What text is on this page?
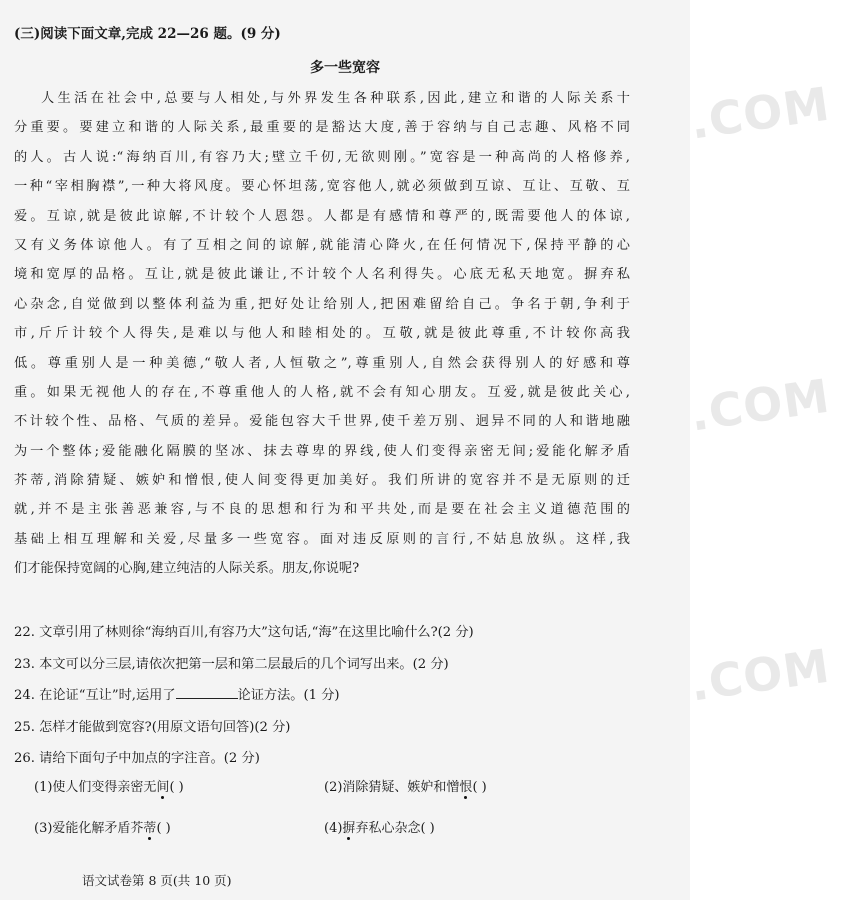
.COM
.COM
.COM
(三)阅读下面文章,完成 22—26 题。(9 分)
多一些宽容
人生活在社会中,总要与人相处,与外界发生各种联系,因此,建立和谐的人际关系十
分重要。要建立和谐的人际关系,最重要的是豁达大度,善于容纳与自己志趣、风格不同
的人。古人说:“海纳百川,有容乃大;壁立千仞,无欲则刚。”宽容是一种高尚的人格修养,
一种“宰相胸襟”,一种大将风度。要心怀坦荡,宽容他人,就必须做到互谅、互让、互敬、互
爱。互谅,就是彼此谅解,不计较个人恩怨。人都是有感情和尊严的,既需要他人的体谅,
又有义务体谅他人。有了互相之间的谅解,就能清心降火,在任何情况下,保持平静的心
境和宽厚的品格。互让,就是彼此谦让,不计较个人名利得失。心底无私天地宽。摒弃私
心杂念,自觉做到以整体利益为重,把好处让给别人,把困难留给自己。争名于朝,争利于
市,斤斤计较个人得失,是难以与他人和睦相处的。互敬,就是彼此尊重,不计较你高我
低。尊重别人是一种美德,“敬人者,人恒敬之”,尊重别人,自然会获得别人的好感和尊
重。如果无视他人的存在,不尊重他人的人格,就不会有知心朋友。互爱,就是彼此关心,
不计较个性、品格、气质的差异。爱能包容大千世界,使千差万别、迥异不同的人和谐地融
为一个整体;爱能融化隔膜的坚冰、抹去尊卑的界线,使人们变得亲密无间;爱能化解矛盾
芥蒂,消除猜疑、嫉妒和憎恨,使人间变得更加美好。我们所讲的宽容并不是无原则的迁
就,并不是主张善恶兼容,与不良的思想和行为和平共处,而是要在社会主义道德范围的
基础上相互理解和关爱,尽量多一些宽容。面对违反原则的言行,不姑息放纵。这样,我
们才能保持宽阔的心胸,建立纯洁的人际关系。朋友,你说呢?
22. 文章引用了林则徐“海纳百川,有容乃大”这句话,“海”在这里比喻什么?(2 分)
23. 本文可以分三层,请依次把第一层和第二层最后的几个词写出来。(2 分)
24. 在论证“互让”时,运用了	论证方法。(1 分)
25. 怎样才能做到宽容?(用原文语句回答)(2 分)
26. 请给下面句子中加点的字注音。(2 分)
(1)使人们变得亲密无间( )	(2)消除猜疑、嫉妒和憎恨( )
(3)爱能化解矛盾芥蒂( )	(4)摒弃私心杂念( )
语文试卷第 8 页(共 10 页)
